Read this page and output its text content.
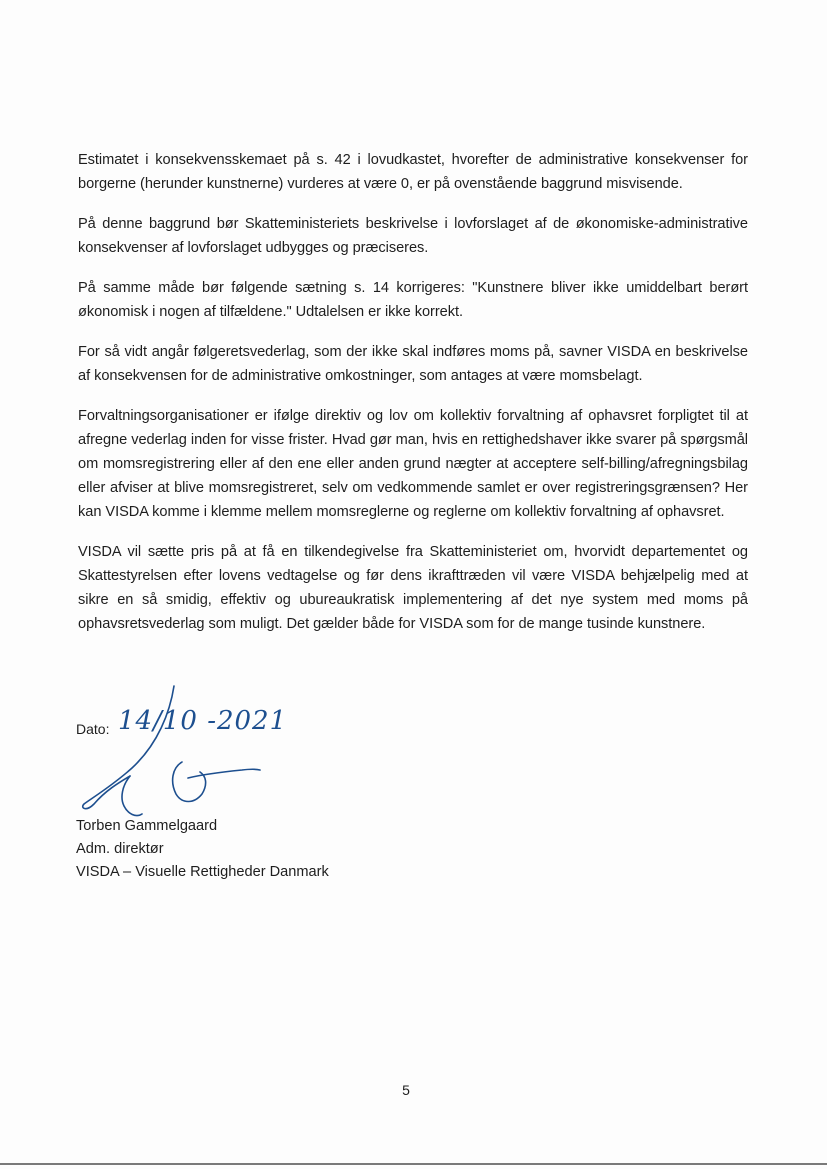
Estimatet i konsekvensskemaet på s. 42 i lovudkastet, hvorefter de administrative konsekvenser for borgerne (herunder kunstnerne) vurderes at være 0, er på ovenstående baggrund misvisende.

På denne baggrund bør Skatteministeriets beskrivelse i lovforslaget af de økonomiske-administrative konsekvenser af lovforslaget udbygges og præciseres.

På samme måde bør følgende sætning s. 14 korrigeres: "Kunstnere bliver ikke umiddelbart berørt økonomisk i nogen af tilfældene." Udtalelsen er ikke korrekt.

For så vidt angår følgeretsvederlag, som der ikke skal indføres moms på, savner VISDA en beskrivelse af konsekvensen for de administrative omkostninger, som antages at være momsbelagt.

Forvaltningsorganisationer er ifølge direktiv og lov om kollektiv forvaltning af ophavsret forpligtet til at afregne vederlag inden for visse frister. Hvad gør man, hvis en rettighedshaver ikke svarer på spørgsmål om momsregistrering eller af den ene eller anden grund nægter at acceptere self-billing/afregningsbilag eller afviser at blive momsregistreret, selv om vedkommende samlet er over registreringsgrænsen? Her kan VISDA komme i klemme mellem momsreglerne og reglerne om kollektiv forvaltning af ophavsret.

VISDA vil sætte pris på at få en tilkendegivelse fra Skatteministeriet om, hvorvidt departementet og Skattestyrelsen efter lovens vedtagelse og før dens ikrafttræden vil være VISDA behjælpelig med at sikre en så smidig, effektiv og ubureaukratisk implementering af det nye system med moms på ophavsretsvederlag som muligt. Det gælder både for VISDA som for de mange tusinde kunstnere.

Dato: 14/10 -2021
Torben Gammelgaard
Adm. direktør
VISDA – Visuelle Rettigheder Danmark
5
